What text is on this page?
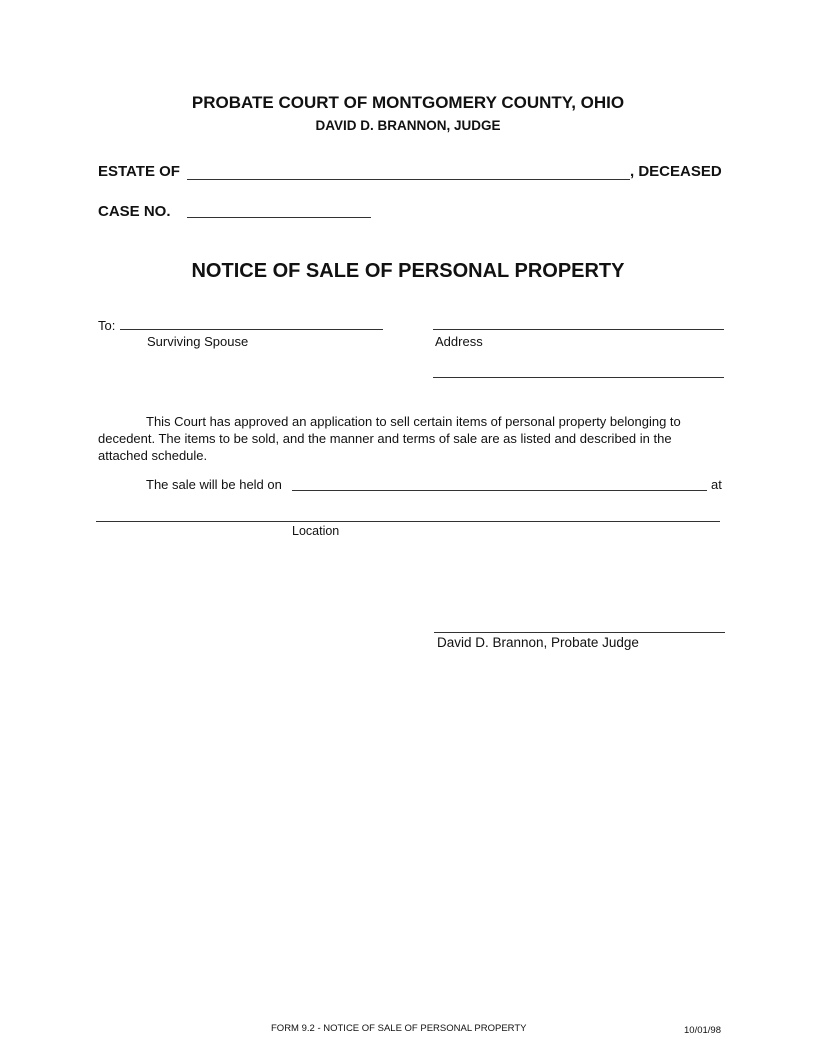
PROBATE COURT OF MONTGOMERY COUNTY, OHIO
DAVID D. BRANNON, JUDGE
ESTATE OF	, DECEASED
CASE NO.
NOTICE OF SALE OF PERSONAL PROPERTY
To:
Surviving Spouse	Address
This Court has approved an application to sell certain items of personal property belonging to decedent. The items to be sold, and the manner and terms of sale are as listed and described in the attached schedule.
The sale will be held on	at
Location
David D. Brannon, Probate Judge
FORM 9.2 - NOTICE OF SALE OF PERSONAL PROPERTY	10/01/98
